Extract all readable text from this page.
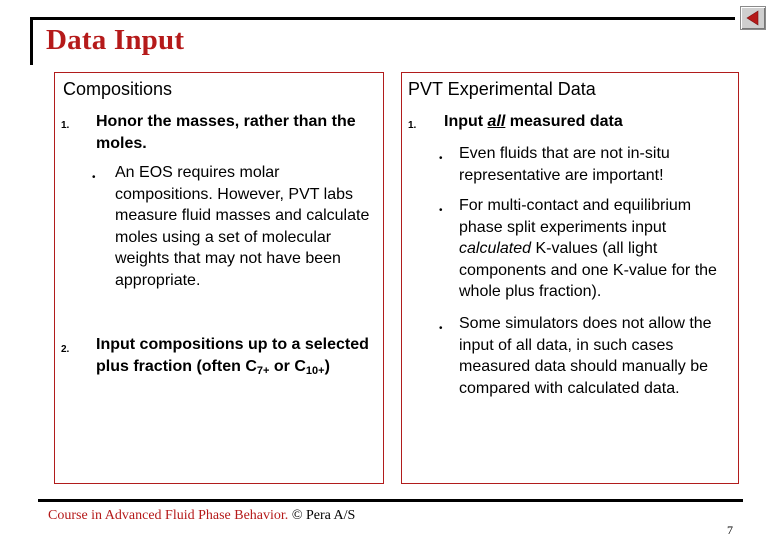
Data Input
Compositions
1. Honor the masses, rather than the moles.
• An EOS requires molar compositions. However, PVT labs measure fluid masses and calculate moles using a set of molecular weights that may not have been appropriate.
2. Input compositions up to a selected plus fraction (often $C_{7+}$ or $C_{10+}$)
PVT Experimental Data
1. Input all measured data
• Even fluids that are not in-situ representative are important!
• For multi-contact and equilibrium phase split experiments input calculated K-values (all light components and one K-value for the whole plus fraction).
• Some simulators does not allow the input of all data, in such cases measured data should manually be compared with calculated data.
Course in Advanced Fluid Phase Behavior. © Pera A/S
7
